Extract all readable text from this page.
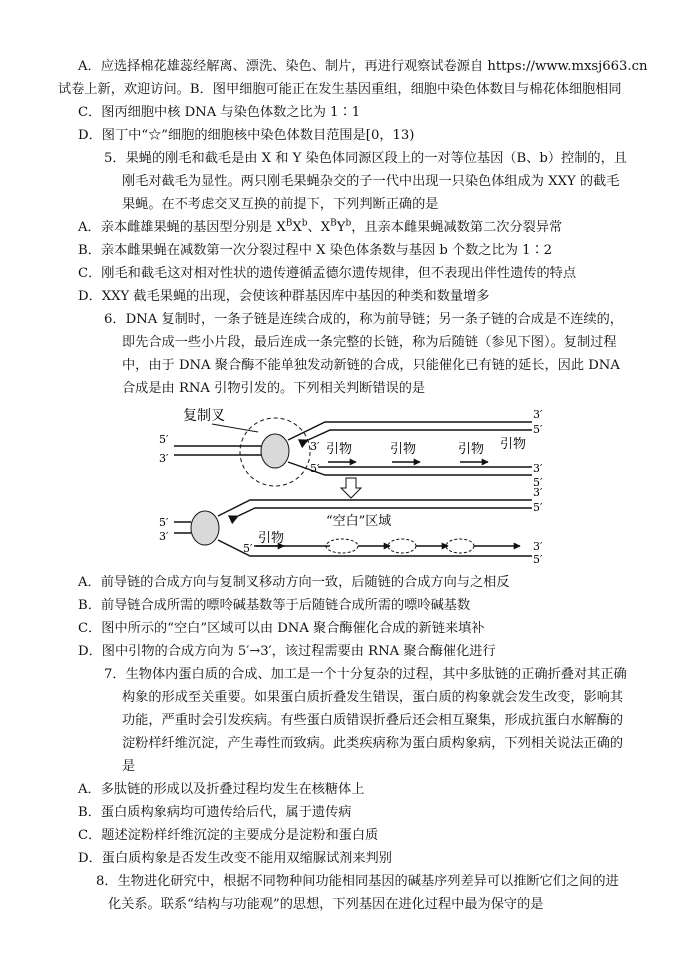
A．应选择棉花雄蕊经解离、漂洗、染色、制片，再进行观察试卷源自 https://www.mxsj663.cn
试卷上新，欢迎访问。B．图甲细胞可能正在发生基因重组，细胞中染色体数目与棉花体细胞相同
C．图丙细胞中核 DNA 与染色体数之比为 1∶1
D．图丁中“☆”细胞的细胞核中染色体数目范围是[0，13)
5．果蝇的刚毛和截毛是由 X 和 Y 染色体同源区段上的一对等位基因（B、b）控制的，且
刚毛对截毛为显性。两只刚毛果蝇杂交的子一代中出现一只染色体组成为 XXY 的截毛
果蝇。在不考虑交叉互换的前提下，下列判断正确的是
C．刚毛和截毛这对相对性状的遗传遵循孟德尔遗传规律，但不表现出伴性遗传的特点
D．XXY 截毛果蝇的出现，会使该种群基因库中基因的种类和数量增多
6．DNA 复制时，一条子链是连续合成的，称为前导链；另一条子链的合成是不连续的，
即先合成一些小片段，最后连成一条完整的长链，称为后随链（参见下图）。复制过程
中，由于 DNA 聚合酶不能单独发动新链的合成，只能催化已有链的延长，因此 DNA
合成是由 RNA 引物引发的。下列相关判断错误的是
A．前导链的合成方向与复制叉移动方向一致，后随链的合成方向与之相反
B．前导链合成所需的嘌呤碱基数等于后随链合成所需的嘌呤碱基数
C．图中所示的“空白”区域可以由 DNA 聚合酶催化合成的新链来填补
D．图中引物的合成方向为 5′→3′，该过程需要由 RNA 聚合酶催化进行
7．生物体内蛋白质的合成、加工是一个十分复杂的过程，其中多肽链的正确折叠对其正确
构象的形成至关重要。如果蛋白质折叠发生错误，蛋白质的构象就会发生改变，影响其
功能，严重时会引发疾病。有些蛋白质错误折叠后还会相互聚集，形成抗蛋白水解酶的
淀粉样纤维沉淀，产生毒性而致病。此类疾病称为蛋白质构象病，下列相关说法正确的
是
A．多肽链的形成以及折叠过程均发生在核糖体上
B．蛋白质构象病均可遗传给后代，属于遗传病
C．题述淀粉样纤维沉淀的主要成分是淀粉和蛋白质
D．蛋白质构象是否发生改变不能用双缩脲试剂来判别
8．生物进化研究中，根据不同物种间功能相同基因的碱基序列差异可以推断它们之间的进
化关系。联系“结构与功能观”的思想，下列基因在进化过程中最为保守的是
A．亲本雌雄果蝇的基因型分别是 $X^BX^b$、$X^BY^b$，且亲本雌果蝇减数第二次分裂异常
复制叉
5′
3′
3′
5′
3′
5′
3′
5′
引物	引物	引物 引物
5′
3′
3′
5′
3′
5′
5′
引物
“空白”区域
B．亲本雌果蝇在减数第一次分裂过程中 X 染色体条数与基因 b 个数之比为 1∶2
